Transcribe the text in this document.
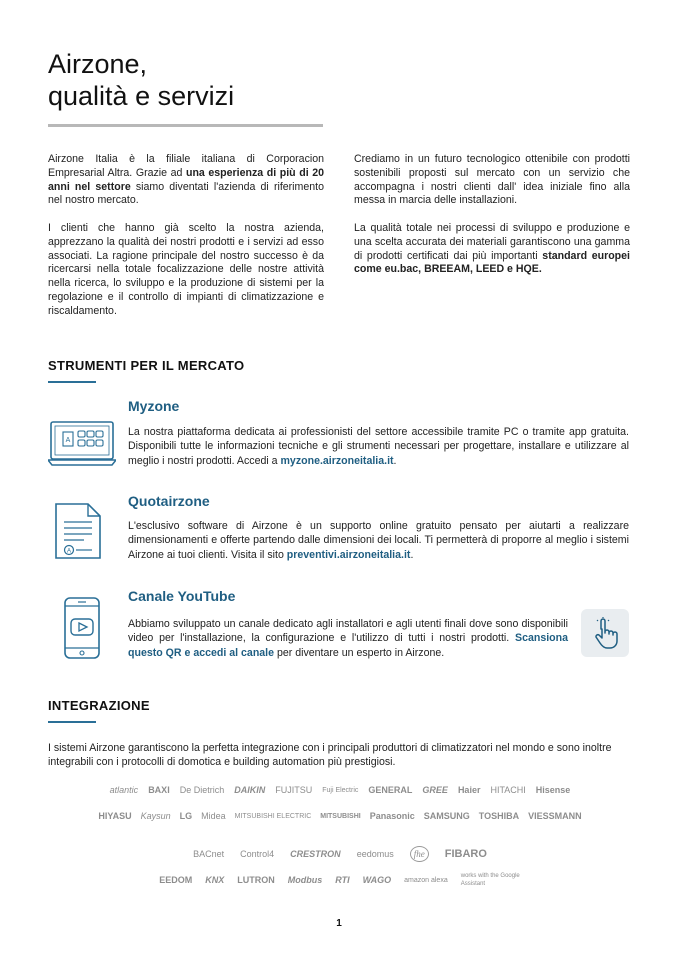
Airzone,
qualità e servizi

Airzone Italia è la filiale italiana di Corporacion Empresarial Altra. Grazie ad una esperienza di più di 20 anni nel settore siamo diventati l'azienda di riferimento nel nostro mercato.

I clienti che hanno già scelto la nostra azienda, apprezzano la qualità dei nostri prodotti e i servizi ad esso associati. La ragione principale del nostro successo è da ricercarsi nella totale focalizzazione delle nostre attività nella ricerca, lo sviluppo e la produzione di sistemi per la regolazione e il controllo di impianti di climatizzazione e riscaldamento.

Crediamo in un futuro tecnologico ottenibile con prodotti sostenibili proposti sul mercato con un servizio che accompagna i nostri clienti dall' idea iniziale fino alla messa in marcia delle installazioni.

La qualità totale nei processi di sviluppo e produzione e una scelta accurata dei materiali garantiscono una gamma di prodotti certificati dai più importanti standard europei come eu.bac, BREEAM, LEED e HQE.

STRUMENTI PER IL MERCATO
A
Myzone
La nostra piattaforma dedicata ai professionisti del settore accessibile tramite PC o tramite app gratuita. Disponibili tutte le informazioni tecniche e gli strumenti necessari per progettare, installare e utilizzare al meglio i nostri prodotti. Accedi a myzone.airzoneitalia.it.
A
Quotairzone
L'esclusivo software di Airzone è un supporto online gratuito pensato per aiutarti a realizzare dimensionamenti e offerte partendo dalle dimensioni dei locali. Ti permetterà di proporre al meglio i sistemi Airzone ai tuoi clienti. Visita il sito preventivi.airzoneitalia.it.
Canale YouTube
Abbiamo sviluppato un canale dedicato agli installatori e agli utenti finali dove sono disponibili video per l'installazione, la configurazione e l'utilizzo di tutti i nostri prodotti. Scansiona questo QR e accedi al canale per diventare un esperto in Airzone.
INTEGRAZIONE
I sistemi Airzone garantiscono la perfetta integrazione con i principali produttori di climatizzatori nel mondo e sono inoltre integrabili con i protocolli di domotica e building automation più prestigiosi.
atlantic BAXI De Dietrich DAIKIN FUJITSU Fuji Electric GENERAL GREE Haier HITACHI Hisense
HIYASU Kaysun LG Midea MITSUBISHI ELECTRIC MITSUBISHI Panasonic SAMSUNG TOSHIBA VIESSMANN
BACnet Control4 CRESTRON eedomus	fhe	FIBARO
EEDOM KNX LUTRON Modbus RTI WAGO amazon alexa
works with the Google Assistant
1
